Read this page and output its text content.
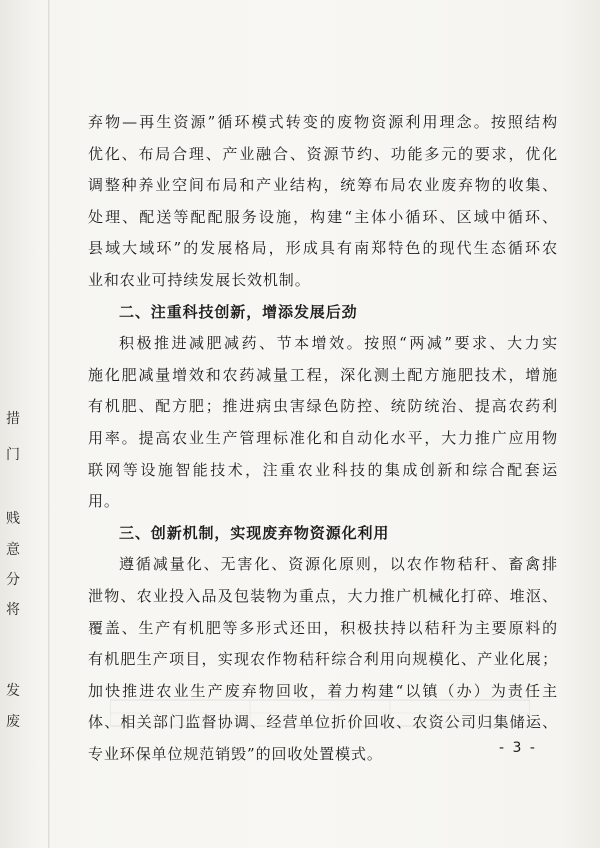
措
门
贱
意
分
将
发
废
弃物—再生资源”循环模式转变的废物资源利用理念。按照结构
优化、布局合理、产业融合、资源节约、功能多元的要求，优化
调整种养业空间布局和产业结构，统筹布局农业废弃物的收集、
处理、配送等配配服务设施，构建“主体小循环、区域中循环、
县域大域环”的发展格局，形成具有南郑特色的现代生态循环农
业和农业可持续发展长效机制。
二、注重科技创新，增添发展后劲
积极推进减肥减药、节本增效。按照“两减”要求、大力实
施化肥减量增效和农药减量工程，深化测土配方施肥技术，增施
有机肥、配方肥；推进病虫害绿色防控、统防统治、提高农药利
用率。提高农业生产管理标准化和自动化水平，大力推广应用物
联网等设施智能技术，注重农业科技的集成创新和综合配套运
用。
三、创新机制，实现废弃物资源化利用
遵循减量化、无害化、资源化原则，以农作物秸秆、畜禽排
泄物、农业投入品及包装物为重点，大力推广机械化打碎、堆沤、
覆盖、生产有机肥等多形式还田，积极扶持以秸秆为主要原料的
有机肥生产项目，实现农作物秸秆综合利用向规模化、产业化展；
加快推进农业生产废弃物回收，着力构建“以镇（办）为责任主
体、相关部门监督协调、经营单位折价回收、农资公司归集储运、
专业环保单位规范销毁”的回收处置模式。	- 3 -
